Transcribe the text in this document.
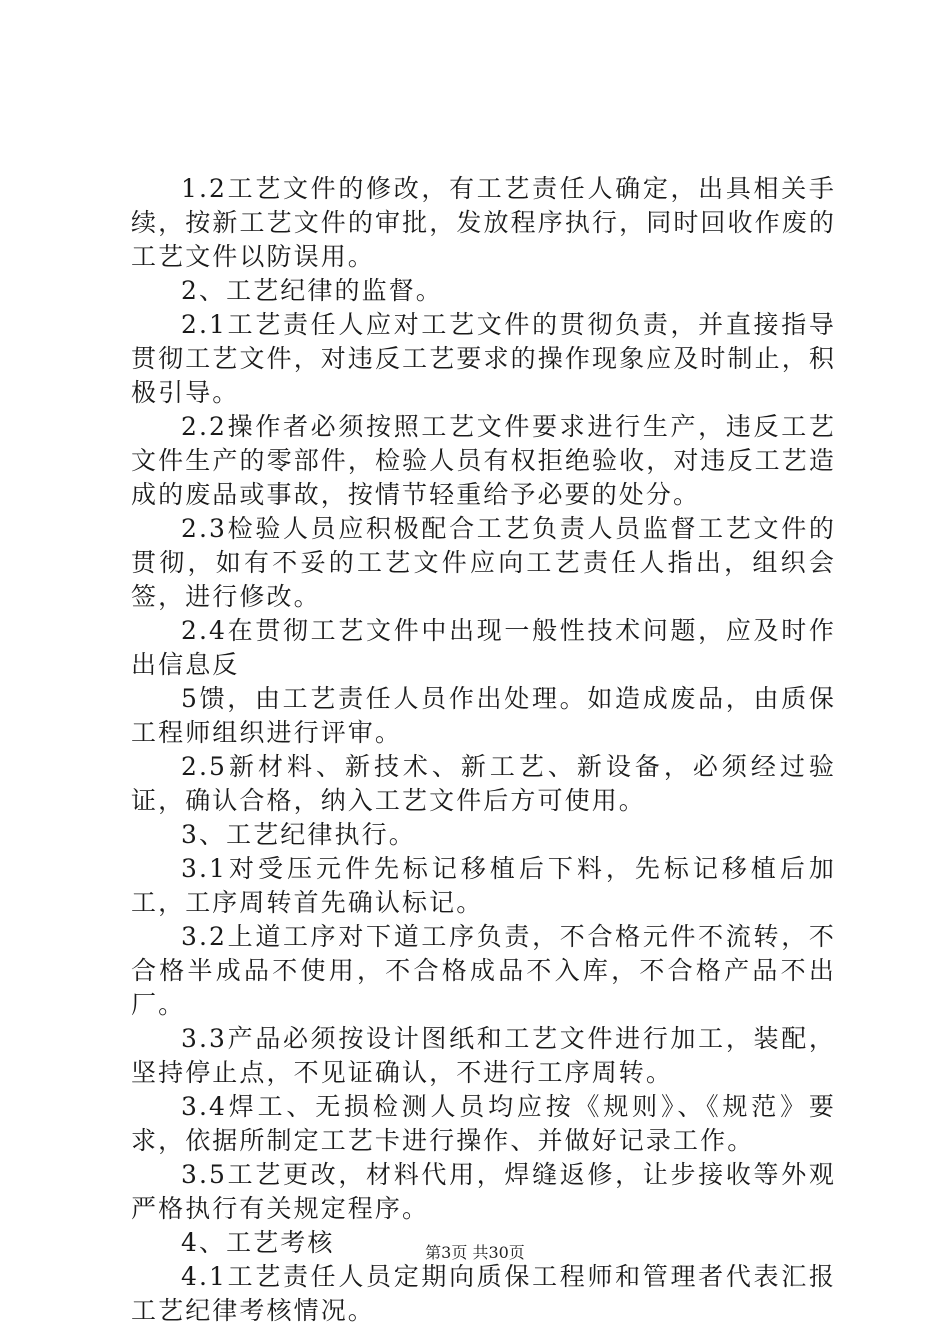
1.2工艺文件的修改，有工艺责任人确定，出具相关手续，按新工艺文件的审批，发放程序执行，同时回收作废的工艺文件以防误用。

2、工艺纪律的监督。

2.1工艺责任人应对工艺文件的贯彻负责，并直接指导贯彻工艺文件，对违反工艺要求的操作现象应及时制止，积极引导。

2.2操作者必须按照工艺文件要求进行生产，违反工艺文件生产的零部件，检验人员有权拒绝验收，对违反工艺造成的废品或事故，按情节轻重给予必要的处分。

2.3检验人员应积极配合工艺负责人员监督工艺文件的贯彻，如有不妥的工艺文件应向工艺责任人指出，组织会签，进行修改。

2.4在贯彻工艺文件中出现一般性技术问题，应及时作出信息反

5馈，由工艺责任人员作出处理。如造成废品，由质保工程师组织进行评审。

2.5新材料、新技术、新工艺、新设备，必须经过验证，确认合格，纳入工艺文件后方可使用。

3、工艺纪律执行。

3.1对受压元件先标记移植后下料，先标记移植后加工，工序周转首先确认标记。

3.2上道工序对下道工序负责，不合格元件不流转，不合格半成品不使用，不合格成品不入库，不合格产品不出厂。

3.3产品必须按设计图纸和工艺文件进行加工，装配，坚持停止点，不见证确认，不进行工序周转。

3.4焊工、无损检测人员均应按《规则》、《规范》要求，依据所制定工艺卡进行操作、并做好记录工作。

3.5工艺更改，材料代用，焊缝返修，让步接收等外观严格执行有关规定程序。

4、工艺考核

4.1工艺责任人员定期向质保工程师和管理者代表汇报工艺纪律考核情况。

第3页 共30页
